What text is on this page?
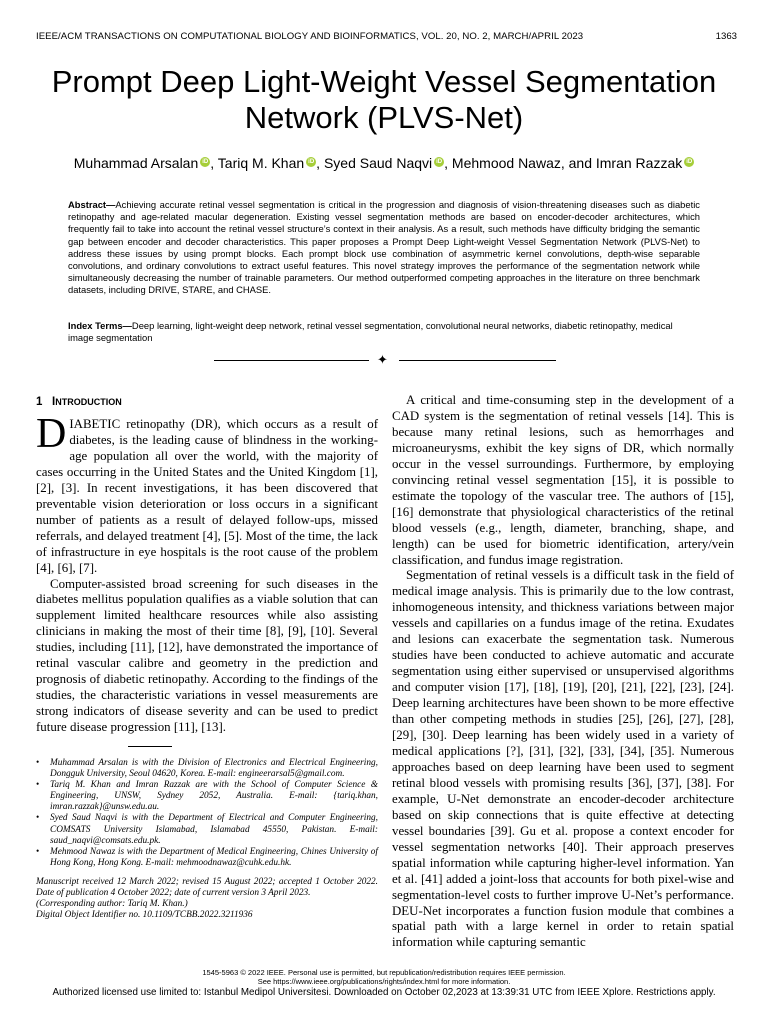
IEEE/ACM TRANSACTIONS ON COMPUTATIONAL BIOLOGY AND BIOINFORMATICS, VOL. 20, NO. 2, MARCH/APRIL 2023	1363
Prompt Deep Light-Weight Vessel Segmentation
Network (PLVS-Net)
Muhammad Arsalan iD , Tariq M. Khan iD , Syed Saud Naqvi iD , Mehmood Nawaz, and Imran Razzak iD
Abstract—Achieving accurate retinal vessel segmentation is critical in the progression and diagnosis of vision-threatening diseases such as diabetic retinopathy and age-related macular degeneration. Existing vessel segmentation methods are based on encoder-decoder architectures, which frequently fail to take into account the retinal vessel structure’s context in their analysis. As a result, such methods have difficulty bridging the semantic gap between encoder and decoder characteristics. This paper proposes a Prompt Deep Light-weight Vessel Segmentation Network (PLVS-Net) to address these issues by using prompt blocks. Each prompt block use combination of asymmetric kernel convolutions, depth-wise separable convolutions, and ordinary convolutions to extract useful features. This novel strategy improves the performance of the segmentation network while simultaneously decreasing the number of trainable parameters. Our method outperformed competing approaches in the literature on three benchmark datasets, including DRIVE, STARE, and CHASE.
Index Terms—Deep learning, light-weight deep network, retinal vessel segmentation, convolutional neural networks, diabetic retinopathy, medical image segmentation
✦
1 INTRODUCTION

DIABETIC retinopathy (DR), which occurs as a result of diabetes, is the leading cause of blindness in the working-age population all over the world, with the majority of cases occurring in the United States and the United Kingdom [1], [2], [3]. In recent investigations, it has been discovered that preventable vision deterioration or loss occurs in a significant number of patients as a result of delayed follow-ups, missed referrals, and delayed treatment [4], [5]. Most of the time, the lack of infrastructure in eye hospitals is the root cause of the problem [4], [6], [7].

Computer-assisted broad screening for such diseases in the diabetes mellitus population qualifies as a viable solution that can supplement limited healthcare resources while also assisting clinicians in making the most of their time [8], [9], [10]. Several studies, including [11], [12], have demonstrated the importance of retinal vascular calibre and geometry in the prediction and prognosis of diabetic retinopathy. According to the findings of the studies, the characteristic variations in vessel measurements are strong indicators of disease severity and can be used to predict future disease progression [11], [13].

• Muhammad Arsalan is with the Division of Electronics and Electrical Engineering, Dongguk University, Seoul 04620, Korea. E-mail: engineerarsal5@gmail.com.
• Tariq M. Khan and Imran Razzak are with the School of Computer Science & Engineering, UNSW, Sydney 2052, Australia. E-mail: {tariq.khan, imran.razzak}@unsw.edu.au.
• Syed Saud Naqvi is with the Department of Electrical and Computer Engineering, COMSATS University Islamabad, Islamabad 45550, Pakistan. E-mail: saud_naqvi@comsats.edu.pk.
• Mehmood Nawaz is with the Department of Medical Engineering, Chines University of Hong Kong, Hong Kong. E-mail: mehmoodnawaz@cuhk.edu.hk.
Manuscript received 12 March 2022; revised 15 August 2022; accepted 1 October 2022. Date of publication 4 October 2022; date of current version 3 April 2023.
(Corresponding author: Tariq M. Khan.)
Digital Object Identifier no. 10.1109/TCBB.2022.3211936

A critical and time-consuming step in the development of a CAD system is the segmentation of retinal vessels [14]. This is because many retinal lesions, such as hemorrhages and microaneurysms, exhibit the key signs of DR, which normally occur in the vessel surroundings. Furthermore, by employing convincing retinal vessel segmentation [15], it is possible to estimate the topology of the vascular tree. The authors of [15], [16] demonstrate that physiological characteristics of the retinal blood vessels (e.g., length, diameter, branching, shape, and length) can be used for biometric identification, artery/vein classification, and fundus image registration.

Segmentation of retinal vessels is a difficult task in the field of medical image analysis. This is primarily due to the low contrast, inhomogeneous intensity, and thickness variations between major vessels and capillaries on a fundus image of the retina. Exudates and lesions can exacerbate the segmentation task. Numerous studies have been conducted to achieve automatic and accurate segmentation using either supervised or unsupervised algorithms and computer vision [17], [18], [19], [20], [21], [22], [23], [24]. Deep learning architectures have been shown to be more effective than other competing methods in studies [25], [26], [27], [28], [29], [30]. Deep learning has been widely used in a variety of medical applications [?], [31], [32], [33], [34], [35]. Numerous approaches based on deep learning have been used to segment retinal blood vessels with promising results [36], [37], [38]. For example, U-Net demonstrate an encoder-decoder architecture based on skip connections that is quite effective at detecting vessel boundaries [39]. Gu et al. propose a context encoder for vessel segmentation networks [40]. Their approach preserves spatial information while capturing higher-level information. Yan et al. [41] added a joint-loss that accounts for both pixel-wise and segmentation-level costs to further improve U-Net’s performance. DEU-Net incorporates a function fusion module that combines a spatial path with a large kernel in order to retain spatial information while capturing semantic

1545-5963 © 2022 IEEE. Personal use is permitted, but republication/redistribution requires IEEE permission.
See https://www.ieee.org/publications/rights/index.html for more information.
Authorized licensed use limited to: Istanbul Medipol Universitesi. Downloaded on October 02,2023 at 13:39:31 UTC from IEEE Xplore. Restrictions apply.
